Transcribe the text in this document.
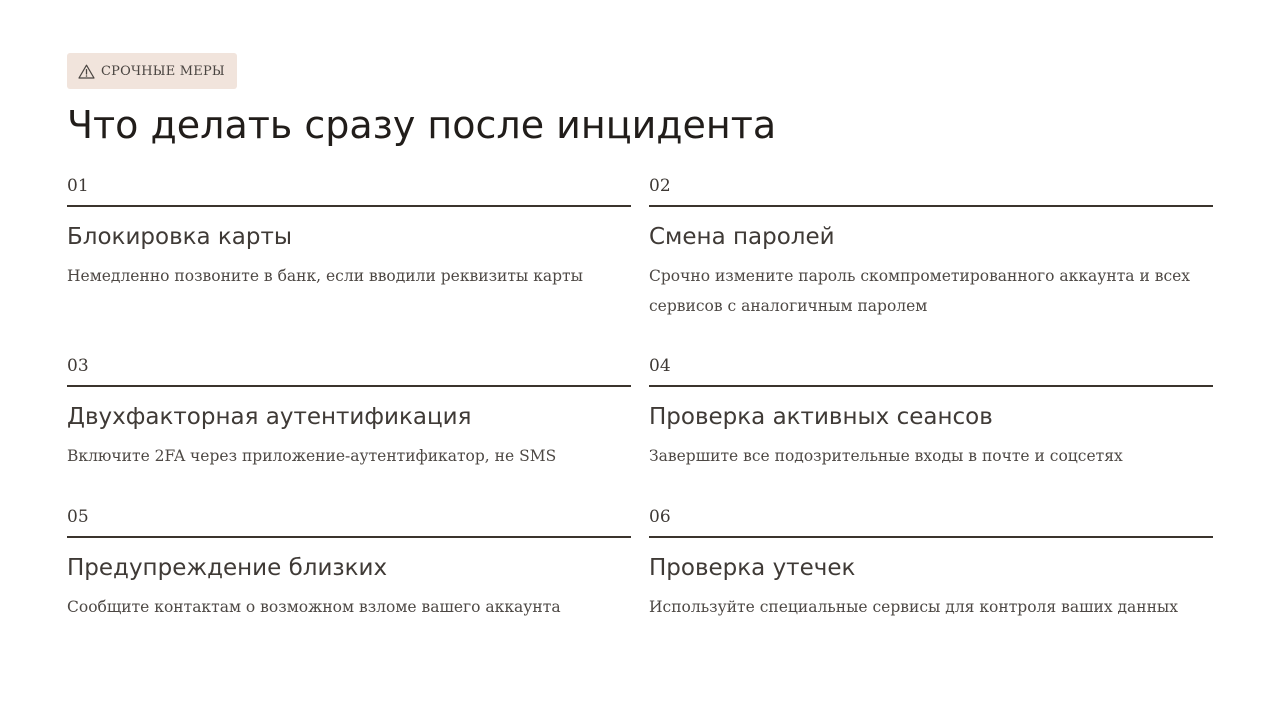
СРОЧНЫЕ МЕРЫ
Что делать сразу после инцидента
01
Блокировка карты
Немедленно позвоните в банк, если вводили реквизиты карты
02
Смена паролей
Срочно измените пароль скомпрометированного аккаунта и всех сервисов с аналогичным паролем
03
Двухфакторная аутентификация
Включите 2FA через приложение-аутентификатор, не SMS
04
Проверка активных сеансов
Завершите все подозрительные входы в почте и соцсетях
05
Предупреждение близких
Сообщите контактам о возможном взломе вашего аккаунта
06
Проверка утечек
Используйте специальные сервисы для контроля ваших данных
